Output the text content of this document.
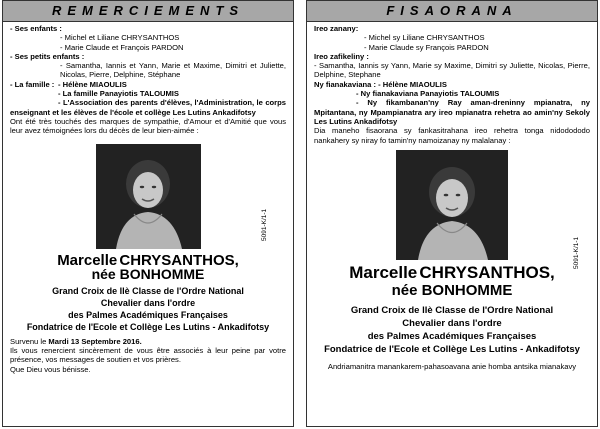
REMERCIEMENTS
- Ses enfants :
- Michel et Liliane CHRYSANTHOS
- Marie Claude et François PARDON
- Ses petits enfants :
- Samantha, Iannis et Yann, Marie et Maxime, Dimitri et Juliette, Nicolas, Pierre, Delphine, Stéphane
- La famille : - Hélène MIAOULIS
- La famille Panayiotis TALOUMIS
- L'Association des parents d'élèves, l'Administration, le corps enseignant et les élèves de l'école et collège Les Lutins Ankadifotsy
Ont été très touchés des marques de sympathie, d'Amour et d'Amitié que vous leur avez témoignées lors du décès de leur bien-aimée :
Marcelle CHRYSANTHOS,
née BONHOMME
Grand Croix de llè Classe de l'Ordre National
Chevalier dans l'ordre
des Palmes Académiques Françaises
Fondatrice de l'Ecole et Collège Les Lutins - Ankadifotsy
Survenu le Mardi 13 Septembre 2016.
Ils vous renercient sincèrement de vous être associés à leur peine par votre présence, vos messages de soutien et vos prières.
Que Dieu vous bénisse.
5091-K/1-1
FISAORANA
Ireo zanany:
- Michel sy Liliane CHRYSANTHOS
- Marie Claude sy François PARDON
Ireo zafikeliny :
- Samantha, Iannis sy Yann, Marie sy Maxime, Dimitri sy Juliette, Nicolas, Pierre, Delphine, Stephane
Ny fianakaviana : - Hélène MIAOULIS
- Ny fianakaviana Panayiotis TALOUMIS
- Ny fikambanan'ny Ray aman-dreninny mpianatra, ny Mpitantana, ny Mpampianatra ary ireo mpianatra rehetra ao amin'ny Sekoly Les Lutins Ankadifotsy
Dia maneho fisaorana sy fankasitrahana ireo rehetra tonga nidodododo nankahery sy niray fo tamin'ny namoizanay ny malalanay :
Marcelle CHRYSANTHOS,
née BONHOMME
Grand Croix de llè Classe de l'Ordre National
Chevalier dans l'ordre
des Palmes Académiques Françaises
Fondatrice de l'Ecole et Collège Les Lutins - Ankadifotsy
Andriamanitra manankarem-pahasoavana anie homba antsika mianakavy
5091-K/1-1
